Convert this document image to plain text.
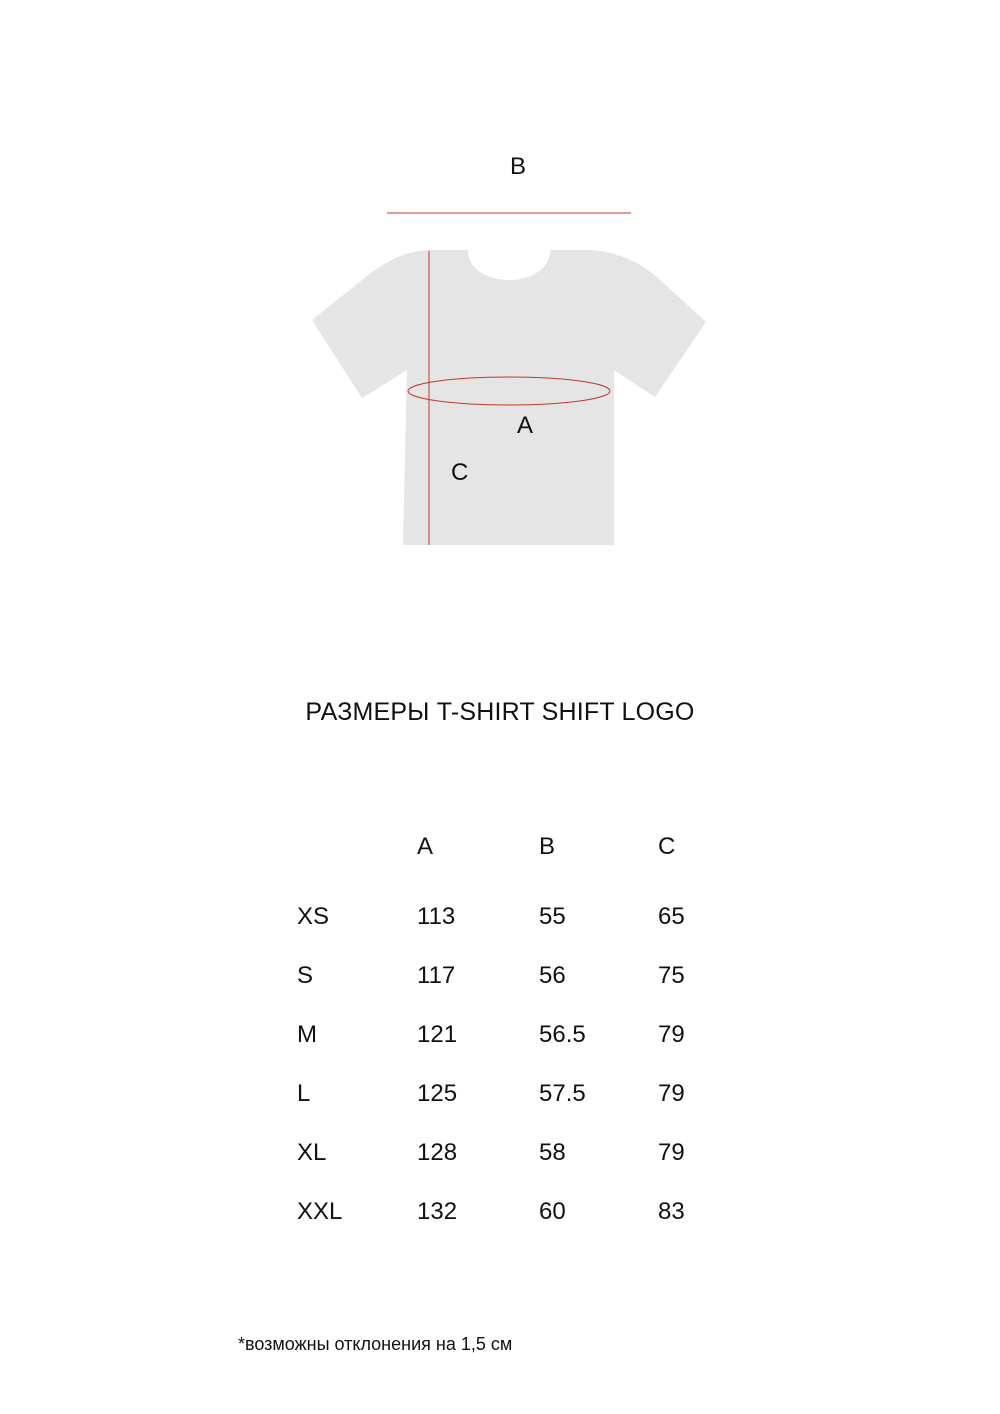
B
A
C
РАЗМЕРЫ T-SHIRT SHIFT LOGO
	A	B	C
XS	113	55	65
S	117	56	75
M	121	56.5	79
L	125	57.5	79
XL	128	58	79
XXL	132	60	83
*возможны отклонения на 1,5 см
